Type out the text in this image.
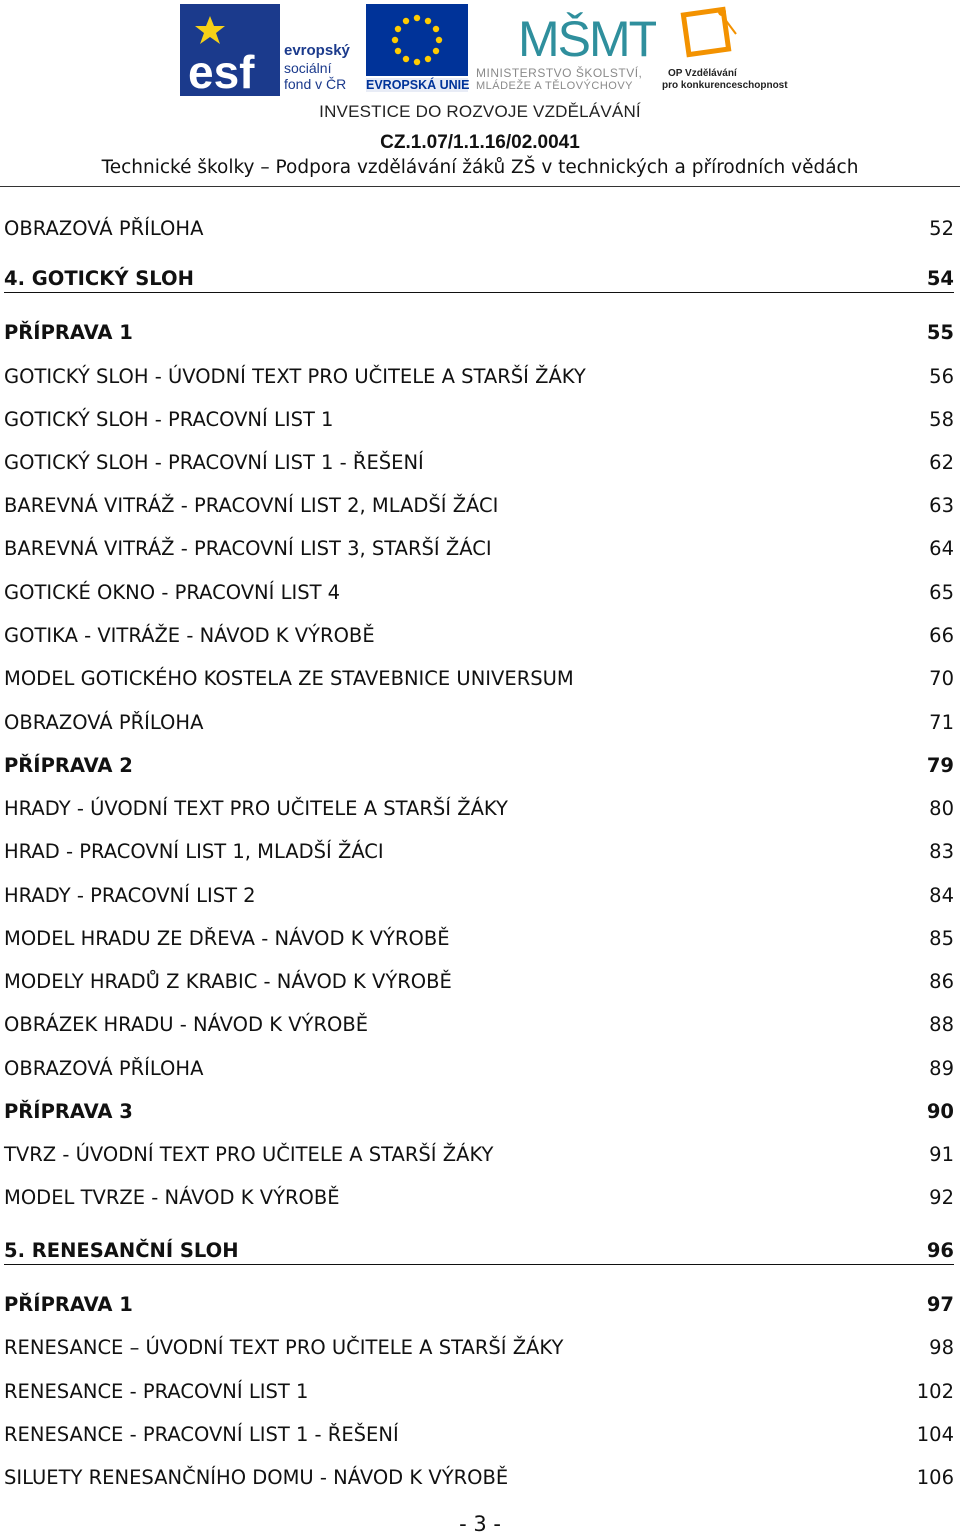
esf evropský
sociální
fond v ČR EVROPSKÁ UNIE
MŠMT
MINISTERSTVO ŠKOLSTVÍ,
MLÁDEŽE A TĚLOVÝCHOVY
OP Vzdělávání
pro konkurenceschopnost
INVESTICE DO ROZVOJE VZDĚLÁVÁNÍ
CZ.1.07/1.1.16/02.0041
Technické školky – Podpora vzdělávání žáků ZŠ v technických a přírodních vědách
OBRAZOVÁ PŘÍLOHA	52
4. GOTICKÝ SLOH	54
PŘÍPRAVA 1	55
GOTICKÝ SLOH - ÚVODNÍ TEXT PRO UČITELE A STARŠÍ ŽÁKY	56
GOTICKÝ SLOH - PRACOVNÍ LIST 1	58
GOTICKÝ SLOH - PRACOVNÍ LIST 1 - ŘEŠENÍ	62
BAREVNÁ VITRÁŽ - PRACOVNÍ LIST 2, MLADŠÍ ŽÁCI	63
BAREVNÁ VITRÁŽ - PRACOVNÍ LIST 3, STARŠÍ ŽÁCI	64
GOTICKÉ OKNO - PRACOVNÍ LIST 4	65
GOTIKA - VITRÁŽE - NÁVOD K VÝROBĚ	66
MODEL GOTICKÉHO KOSTELA ZE STAVEBNICE UNIVERSUM	70
OBRAZOVÁ PŘÍLOHA	71
PŘÍPRAVA 2	79
HRADY - ÚVODNÍ TEXT PRO UČITELE A STARŠÍ ŽÁKY	80
HRAD - PRACOVNÍ LIST 1, MLADŠÍ ŽÁCI	83
HRADY - PRACOVNÍ LIST 2	84
MODEL HRADU ZE DŘEVA - NÁVOD K VÝROBĚ	85
MODELY HRADŮ Z KRABIC - NÁVOD K VÝROBĚ	86
OBRÁZEK HRADU - NÁVOD K VÝROBĚ	88
OBRAZOVÁ PŘÍLOHA	89
PŘÍPRAVA 3	90
TVRZ - ÚVODNÍ TEXT PRO UČITELE A STARŠÍ ŽÁKY	91
MODEL TVRZE - NÁVOD K VÝROBĚ	92
5. RENESANČNÍ SLOH	96
PŘÍPRAVA 1	97
RENESANCE – ÚVODNÍ TEXT PRO UČITELE A STARŠÍ ŽÁKY	98
RENESANCE - PRACOVNÍ LIST 1	102
RENESANCE - PRACOVNÍ LIST 1 - ŘEŠENÍ	104
SILUETY RENESANČNÍHO DOMU - NÁVOD K VÝROBĚ	106
- 3 -
